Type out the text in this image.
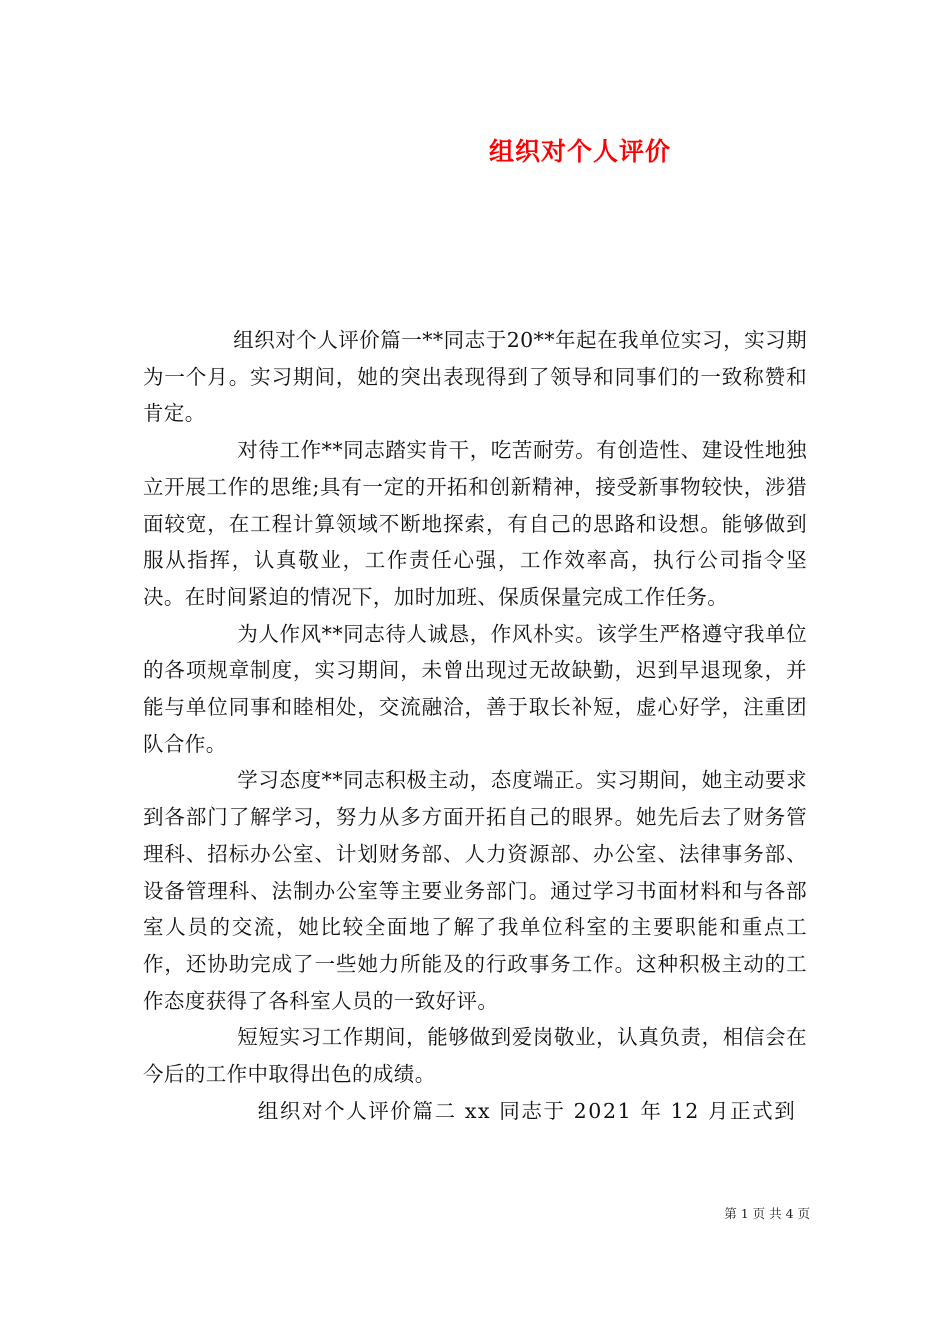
组织对个人评价

组织对个人评价篇一**同志于20**年起在我单位实习，实习期为一个月。实习期间，她的突出表现得到了领导和同事们的一致称赞和肯定。

对待工作**同志踏实肯干，吃苦耐劳。有创造性、建设性地独立开展工作的思维;具有一定的开拓和创新精神，接受新事物较快，涉猎面较宽，在工程计算领域不断地探索，有自己的思路和设想。能够做到服从指挥，认真敬业，工作责任心强，工作效率高，执行公司指令坚决。在时间紧迫的情况下，加时加班、保质保量完成工作任务。

为人作风**同志待人诚恳，作风朴实。该学生严格遵守我单位的各项规章制度，实习期间，未曾出现过无故缺勤，迟到早退现象，并能与单位同事和睦相处，交流融洽，善于取长补短，虚心好学，注重团队合作。

学习态度**同志积极主动，态度端正。实习期间，她主动要求到各部门了解学习，努力从多方面开拓自己的眼界。她先后去了财务管理科、招标办公室、计划财务部、人力资源部、办公室、法律事务部、设备管理科、法制办公室等主要业务部门。通过学习书面材料和与各部室人员的交流，她比较全面地了解了我单位科室的主要职能和重点工作，还协助完成了一些她力所能及的行政事务工作。这种积极主动的工作态度获得了各科室人员的一致好评。

短短实习工作期间，能够做到爱岗敬业，认真负责，相信会在今后的工作中取得出色的成绩。

组织对个人评价篇二 xx 同志于 2021 年 12 月正式到

第 1 页 共 4 页
